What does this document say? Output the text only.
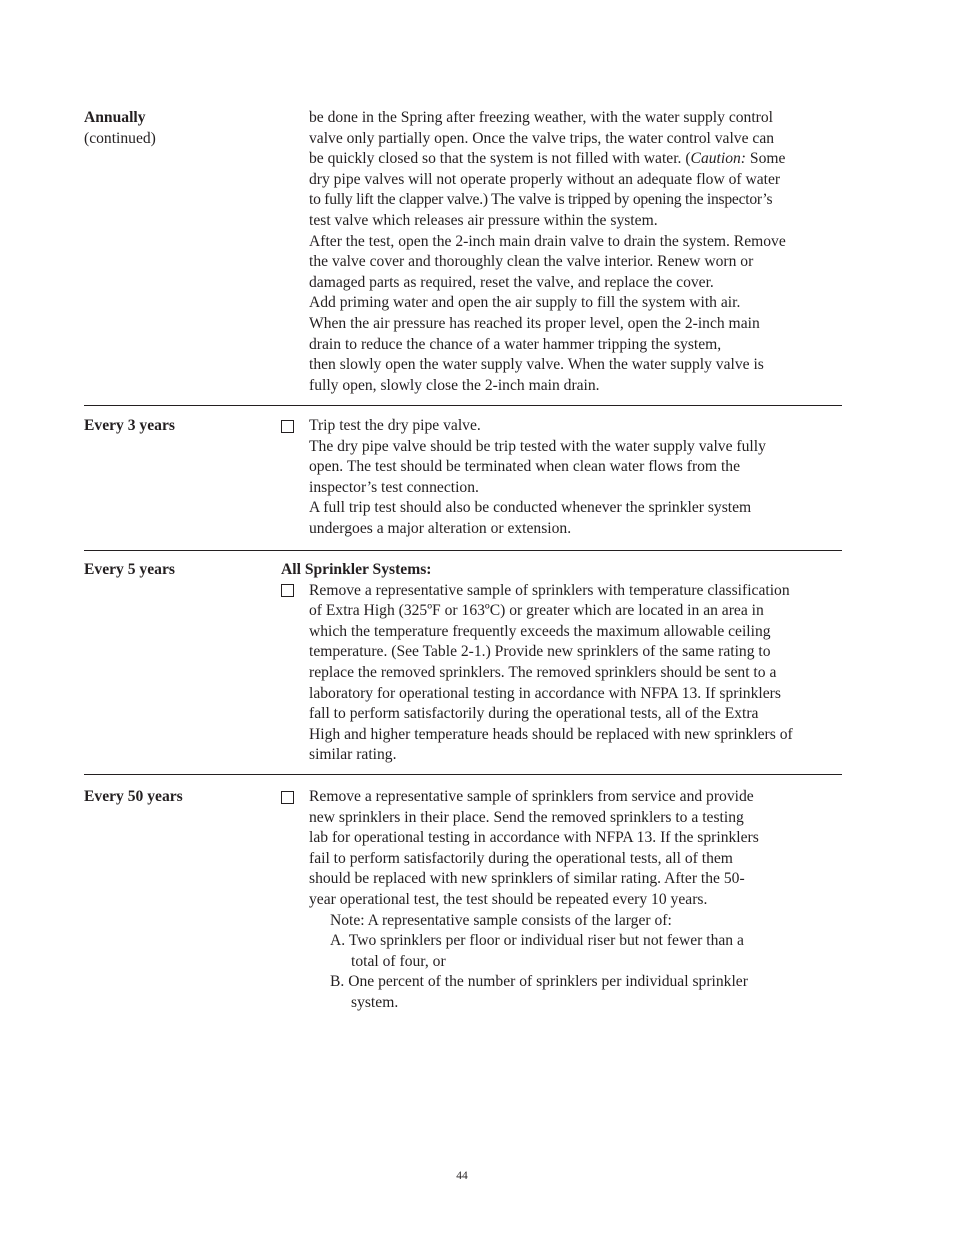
Annually
(continued)
be done in the Spring after freezing weather, with the water supply control
valve only partially open. Once the valve trips, the water control valve can
be quickly closed so that the system is not filled with water. (Caution: Some
dry pipe valves will not operate properly without an adequate flow of water
to fully lift the clapper valve.) The valve is tripped by opening the inspector’s
test valve which releases air pressure within the system.
After the test, open the 2-inch main drain valve to drain the system. Remove
the valve cover and thoroughly clean the valve interior. Renew worn or
damaged parts as required, reset the valve, and replace the cover.
Add priming water and open the air supply to fill the system with air.
When the air pressure has reached its proper level, open the 2-inch main
drain to reduce the chance of a water hammer tripping the system,
then slowly open the water supply valve. When the water supply valve is
fully open, slowly close the 2-inch main drain.
Every 3 years	Trip test the dry pipe valve.
The dry pipe valve should be trip tested with the water supply valve fully
open. The test should be terminated when clean water flows from the
inspector’s test connection.
A full trip test should also be conducted whenever the sprinkler system
undergoes a major alteration or extension.
Every 5 years	All Sprinkler Systems:
Remove a representative sample of sprinklers with temperature classification
of Extra High (325ºF or 163ºC) or greater which are located in an area in
which the temperature frequently exceeds the maximum allowable ceiling
temperature. (See Table 2-1.) Provide new sprinklers of the same rating to
replace the removed sprinklers. The removed sprinklers should be sent to a
laboratory for operational testing in accordance with NFPA 13. If sprinklers
fall to perform satisfactorily during the operational tests, all of the Extra
High and higher temperature heads should be replaced with new sprinklers of
similar rating.
Every 50 years	Remove a representative sample of sprinklers from service and provide
new sprinklers in their place. Send the removed sprinklers to a testing
lab for operational testing in accordance with NFPA 13. If the sprinklers
fail to perform satisfactorily during the operational tests, all of them
should be replaced with new sprinklers of similar rating. After the 50-
year operational test, the test should be repeated every 10 years.
Note: A representative sample consists of the larger of:
A. Two sprinklers per floor or individual riser but not fewer than a
total of four, or
B. One percent of the number of sprinklers per individual sprinkler
system.
44
